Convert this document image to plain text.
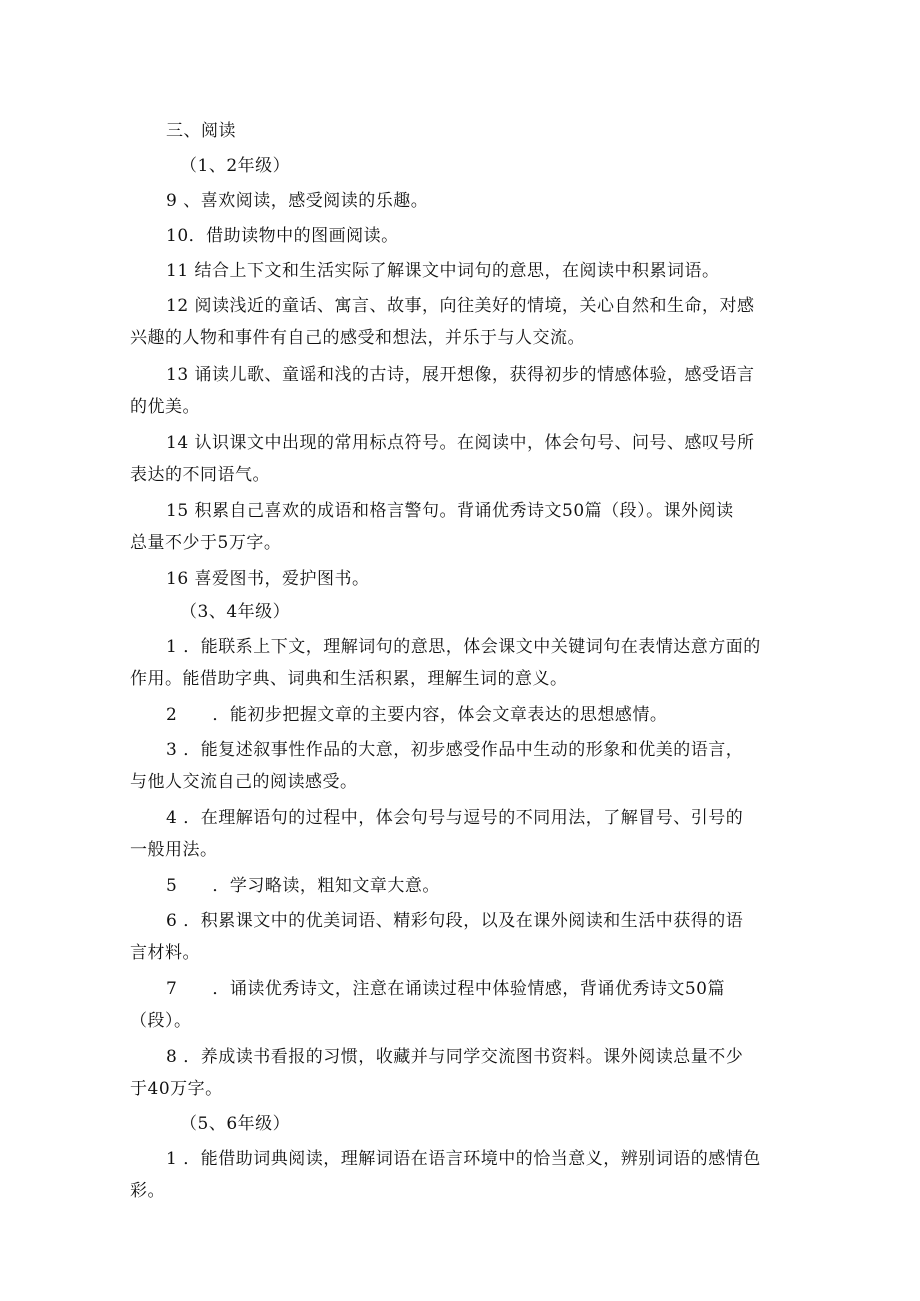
三、阅读
（1、2年级）
9 、喜欢阅读，感受阅读的乐趣。
10．借助读物中的图画阅读。
11 结合上下文和生活实际了解课文中词句的意思，在阅读中积累词语。
12 阅读浅近的童话、寓言、故事，向往美好的情境，关心自然和生命，对感
兴趣的人物和事件有自己的感受和想法，并乐于与人交流。
13 诵读儿歌、童谣和浅的古诗，展开想像，获得初步的情感体验，感受语言
的优美。
14 认识课文中出现的常用标点符号。在阅读中，体会句号、问号、感叹号所
表达的不同语气。
15 积累自己喜欢的成语和格言警句。背诵优秀诗文50篇（段）。课外阅读
总量不少于5万字。
16 喜爱图书，爱护图书。
（3、4年级）
1 ．能联系上下文，理解词句的意思，体会课文中关键词句在表情达意方面的
作用。能借助字典、词典和生活积累，理解生词的意义。
2　　．能初步把握文章的主要内容，体会文章表达的思想感情。
3 ．能复述叙事性作品的大意，初步感受作品中生动的形象和优美的语言，
与他人交流自己的阅读感受。
4 ．在理解语句的过程中，体会句号与逗号的不同用法，了解冒号、引号的
一般用法。
5　　．学习略读，粗知文章大意。
6 ．积累课文中的优美词语、精彩句段，以及在课外阅读和生活中获得的语
言材料。
7　　．诵读优秀诗文，注意在诵读过程中体验情感，背诵优秀诗文50篇
（段）。
8 ．养成读书看报的习惯，收藏并与同学交流图书资料。课外阅读总量不少
于40万字。
（5、6年级）
1 ．能借助词典阅读，理解词语在语言环境中的恰当意义，辨别词语的感情色
彩。
